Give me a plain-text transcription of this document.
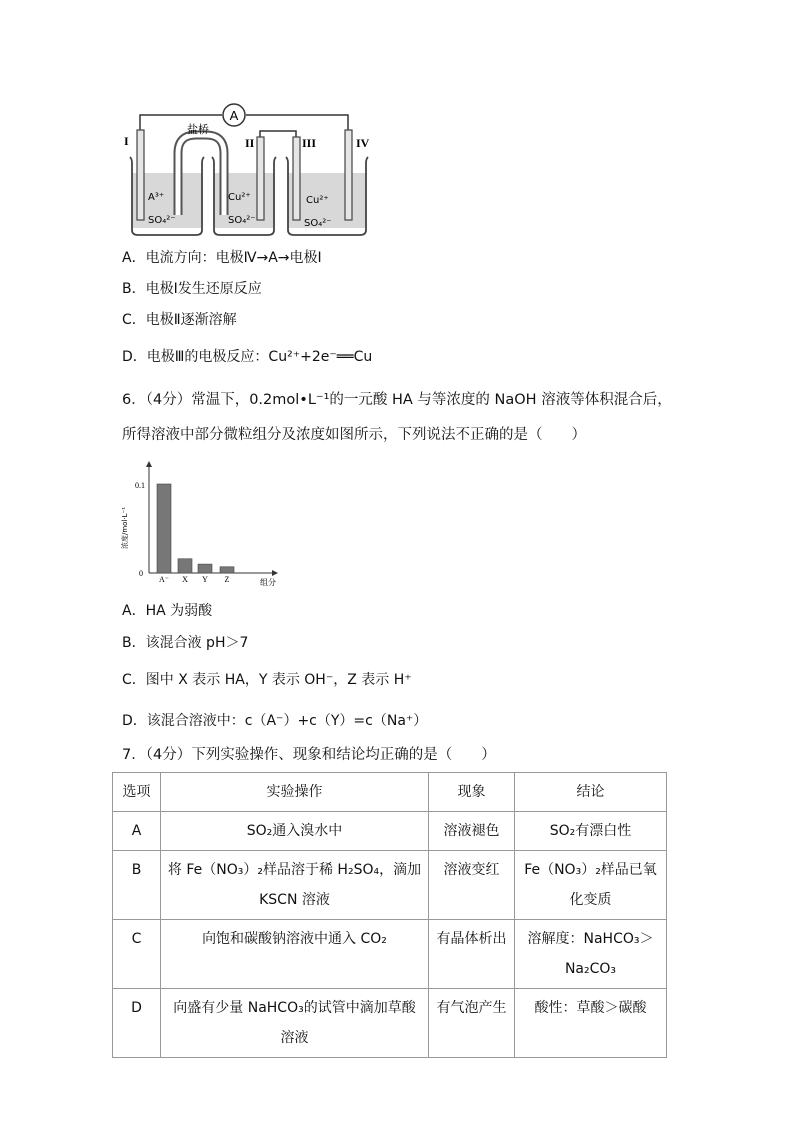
A
盐桥
I	II	III	IV
A³⁺
SO₄²⁻
Cu²⁺
SO₄²⁻
Cu²⁺
SO₄²⁻
A．电流方向：电极Ⅳ→A→电极Ⅰ
B．电极Ⅰ发生还原反应
C．电极Ⅱ逐渐溶解
D．电极Ⅲ的电极反应：Cu²⁺+2e⁻══Cu
6．（4分）常温下，0.2mol•L⁻¹的一元酸 HA 与等浓度的 NaOH 溶液等体积混合后，
所得溶液中部分微粒组分及浓度如图所示，下列说法不正确的是（　　）
0
0.1
浓度/mol·L⁻¹
组分
A⁻ X Y Z
A．HA 为弱酸
B．该混合液 pH＞7
C．图中 X 表示 HA，Y 表示 OH⁻，Z 表示 H⁺
D．该混合溶液中：c（A⁻）+c（Y）=c（Na⁺）
7．（4分）下列实验操作、现象和结论均正确的是（　　）
选项	实验操作	现象	结论
A	SO₂通入溴水中	溶液褪色	SO₂有漂白性
B	将 Fe（NO₃）₂样品溶于稀 H₂SO₄，滴加 KSCN 溶液	溶液变红	Fe（NO₃）₂样品已氧化变质
C	向饱和碳酸钠溶液中通入 CO₂	有晶体析出	溶解度：NaHCO₃＞Na₂CO₃
D	向盛有少量 NaHCO₃的试管中滴加草酸溶液	有气泡产生	酸性：草酸＞碳酸
